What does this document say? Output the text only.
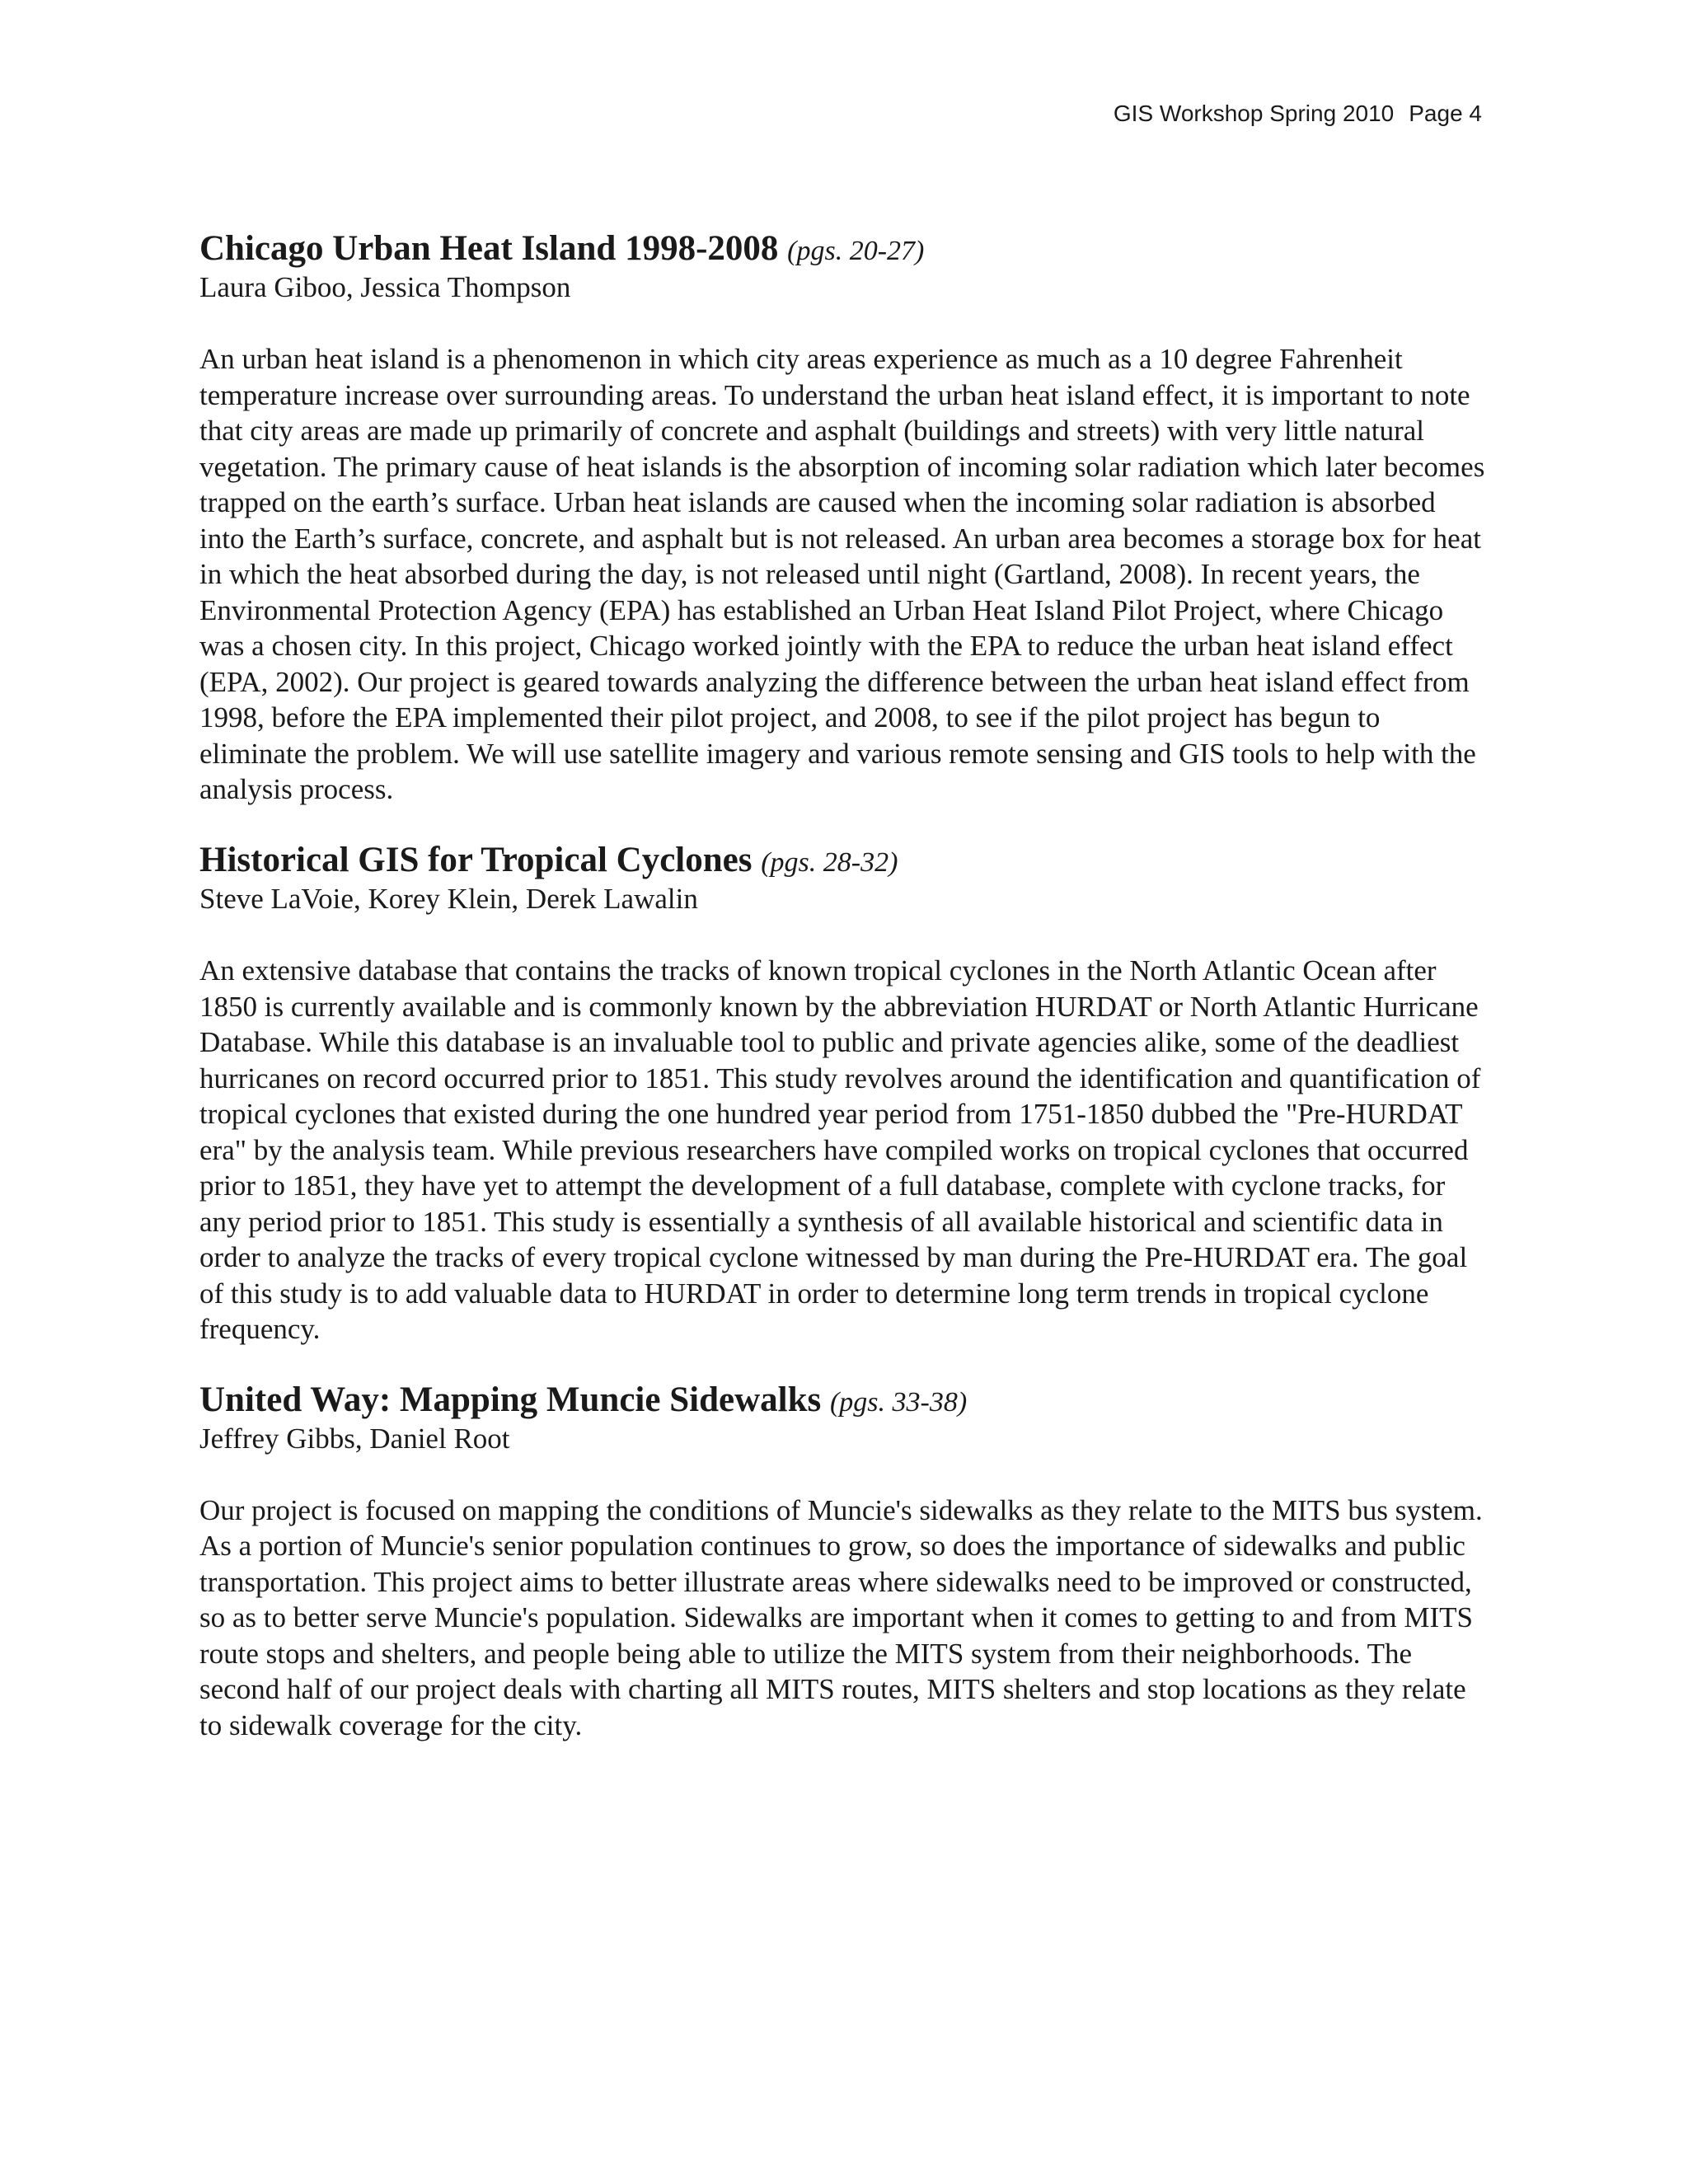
GIS Workshop Spring 2010 Page 4
Chicago Urban Heat Island 1998-2008 (pgs. 20-27)
Laura Giboo, Jessica Thompson

An urban heat island is a phenomenon in which city areas experience as much as a 10 degree Fahrenheit temperature increase over surrounding areas. To understand the urban heat island effect, it is important to note that city areas are made up primarily of concrete and asphalt (buildings and streets) with very little natural vegetation. The primary cause of heat islands is the absorption of incoming solar radiation which later becomes trapped on the earth’s surface. Urban heat islands are caused when the incoming solar radiation is absorbed into the Earth’s surface, concrete, and asphalt but is not released. An urban area becomes a storage box for heat in which the heat absorbed during the day, is not released until night (Gartland, 2008). In recent years, the Environmental Protection Agency (EPA) has established an Urban Heat Island Pilot Project, where Chicago was a chosen city. In this project, Chicago worked jointly with the EPA to reduce the urban heat island effect (EPA, 2002). Our project is geared towards analyzing the difference between the urban heat island effect from 1998, before the EPA implemented their pilot project, and 2008, to see if the pilot project has begun to eliminate the problem. We will use satellite imagery and various remote sensing and GIS tools to help with the analysis process.

Historical GIS for Tropical Cyclones (pgs. 28-32)
Steve LaVoie, Korey Klein, Derek Lawalin

An extensive database that contains the tracks of known tropical cyclones in the North Atlantic Ocean after 1850 is currently available and is commonly known by the abbreviation HURDAT or North Atlantic Hurricane Database. While this database is an invaluable tool to public and private agencies alike, some of the deadliest hurricanes on record occurred prior to 1851. This study revolves around the identification and quantification of tropical cyclones that existed during the one hundred year period from 1751-1850 dubbed the "Pre-HURDAT era" by the analysis team. While previous researchers have compiled works on tropical cyclones that occurred prior to 1851, they have yet to attempt the development of a full database, complete with cyclone tracks, for any period prior to 1851. This study is essentially a synthesis of all available historical and scientific data in order to analyze the tracks of every tropical cyclone witnessed by man during the Pre-HURDAT era. The goal of this study is to add valuable data to HURDAT in order to determine long term trends in tropical cyclone frequency.

United Way: Mapping Muncie Sidewalks (pgs. 33-38)
Jeffrey Gibbs, Daniel Root

Our project is focused on mapping the conditions of Muncie's sidewalks as they relate to the MITS bus system. As a portion of Muncie's senior population continues to grow, so does the importance of sidewalks and public transportation. This project aims to better illustrate areas where sidewalks need to be improved or constructed, so as to better serve Muncie's population. Sidewalks are important when it comes to getting to and from MITS route stops and shelters, and people being able to utilize the MITS system from their neighborhoods. The second half of our project deals with charting all MITS routes, MITS shelters and stop locations as they relate to sidewalk coverage for the city.
